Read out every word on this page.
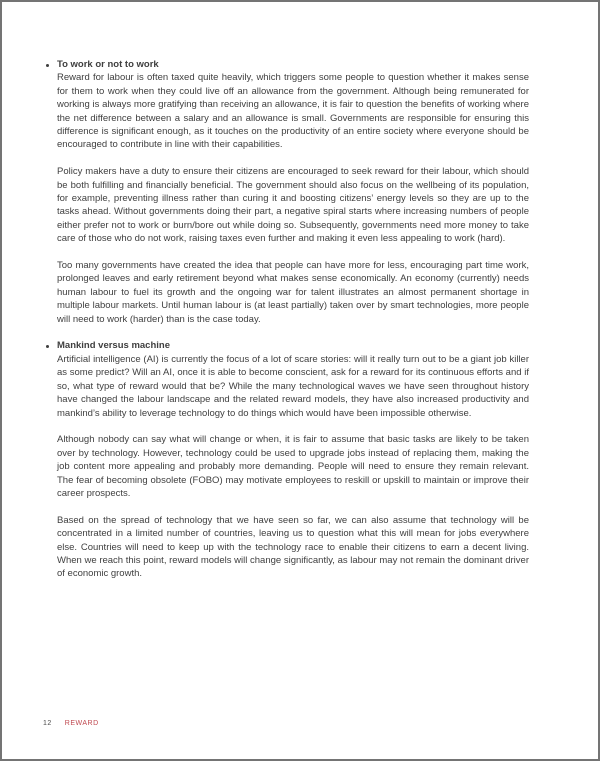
To work or not to work

Reward for labour is often taxed quite heavily, which triggers some people to question whether it makes sense for them to work when they could live off an allowance from the government. Although being remunerated for working is always more gratifying than receiving an allowance, it is fair to question the benefits of working where the net difference between a salary and an allowance is small. Governments are responsible for ensuring this difference is significant enough, as it touches on the productivity of an entire society where everyone should be encouraged to contribute in line with their capabilities.

Policy makers have a duty to ensure their citizens are encouraged to seek reward for their labour, which should be both fulfilling and financially beneficial. The government should also focus on the wellbeing of its population, for example, preventing illness rather than curing it and boosting citizens’ energy levels so they are up to the tasks ahead. Without governments doing their part, a negative spiral starts where increasing numbers of people either prefer not to work or burn/bore out while doing so. Subsequently, governments need more money to take care of those who do not work, raising taxes even further and making it even less appealing to work (hard).

Too many governments have created the idea that people can have more for less, encouraging part time work, prolonged leaves and early retirement beyond what makes sense economically. An economy (currently) needs human labour to fuel its growth and the ongoing war for talent illustrates an almost permanent shortage in multiple labour markets. Until human labour is (at least partially) taken over by smart technologies, more people will need to work (harder) than is the case today.

Mankind versus machine

Artificial intelligence (AI) is currently the focus of a lot of scare stories: will it really turn out to be a giant job killer as some predict? Will an AI, once it is able to become conscient, ask for a reward for its continuous efforts and if so, what type of reward would that be? While the many technological waves we have seen throughout history have changed the labour landscape and the related reward models, they have also increased productivity and mankind’s ability to leverage technology to do things which would have been impossible otherwise.

Although nobody can say what will change or when, it is fair to assume that basic tasks are likely to be taken over by technology. However, technology could be used to upgrade jobs instead of replacing them, making the job content more appealing and probably more demanding. People will need to ensure they remain relevant. The fear of becoming obsolete (FOBO) may motivate employees to reskill or upskill to maintain or improve their career prospects.

Based on the spread of technology that we have seen so far, we can also assume that technology will be concentrated in a limited number of countries, leaving us to question what this will mean for jobs everywhere else. Countries will need to keep up with the technology race to enable their citizens to earn a decent living. When we reach this point, reward models will change significantly, as labour may not remain the dominant driver of economic growth.

12 REWARD
